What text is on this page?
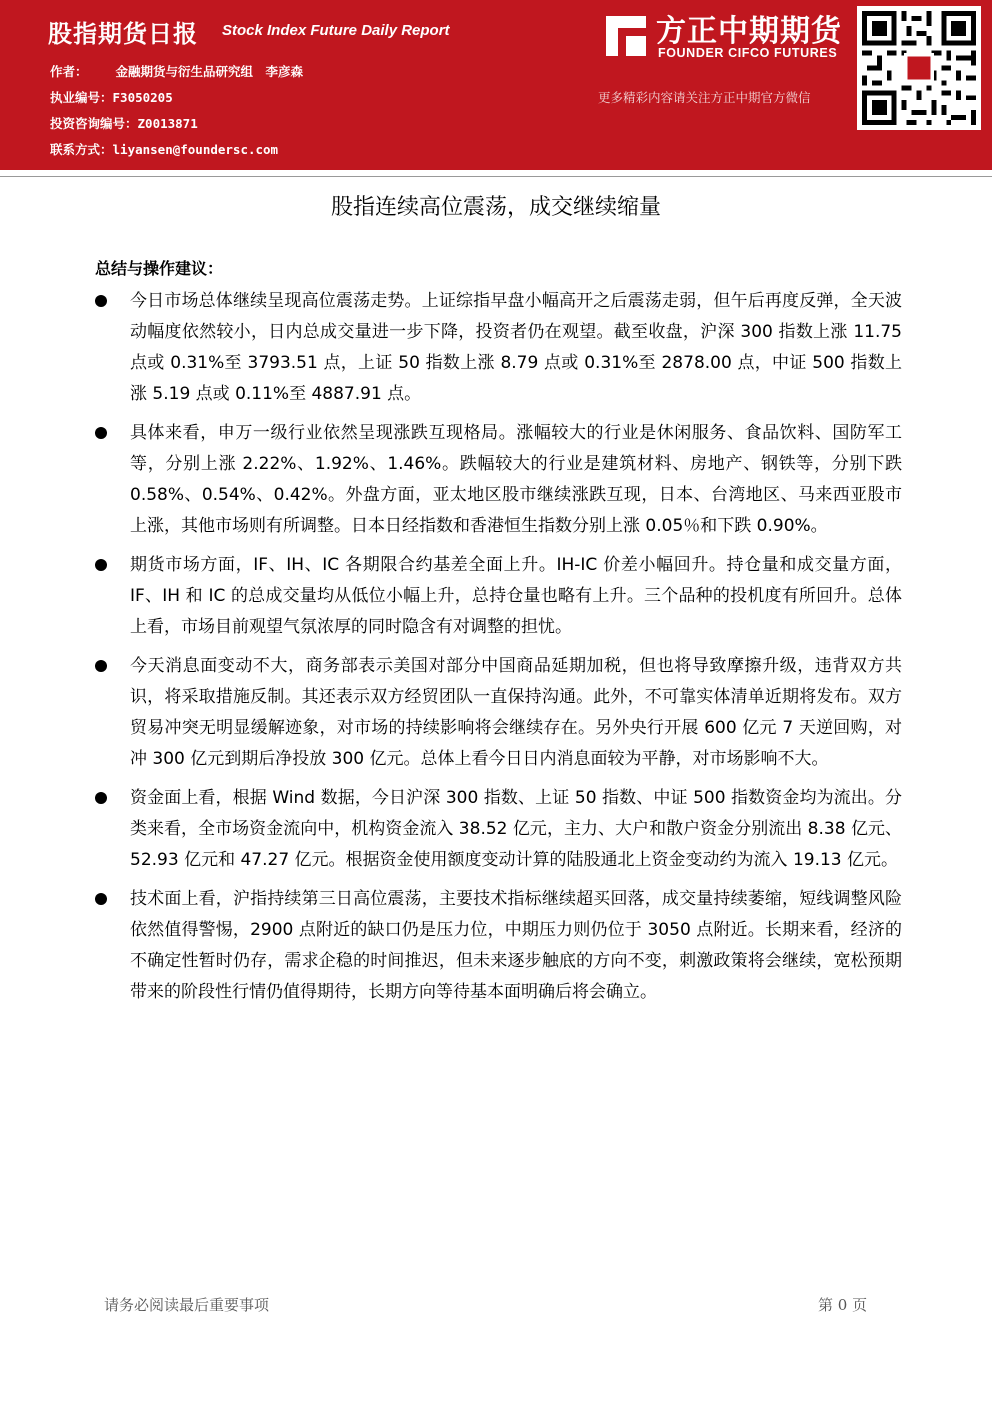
股指期货日报 Stock Index Future Daily Report
作者： 金融期货与衍生品研究组　李彦森
执业编号：F3050205
投资咨询编号：Z0013871
联系方式：liyansen@foundersc.com
方正中期期货
FOUNDER CIFCO FUTURES
更多精彩内容请关注方正中期官方微信
股指连续高位震荡，成交继续缩量
总结与操作建议：
今日市场总体继续呈现高位震荡走势。上证综指早盘小幅高开之后震荡走弱，但午后再度反弹，全天波动幅度依然较小，日内总成交量进一步下降，投资者仍在观望。截至收盘，沪深 300 指数上涨 11.75 点或 0.31%至 3793.51 点，上证 50 指数上涨 8.79 点或 0.31%至 2878.00 点，中证 500 指数上涨 5.19 点或 0.11%至 4887.91 点。
具体来看，申万一级行业依然呈现涨跌互现格局。涨幅较大的行业是休闲服务、食品饮料、国防军工等，分别上涨 2.22%、1.92%、1.46%。跌幅较大的行业是建筑材料、房地产、钢铁等，分别下跌 0.58%、0.54%、0.42%。外盘方面，亚太地区股市继续涨跌互现，日本、台湾地区、马来西亚股市上涨，其他市场则有所调整。日本日经指数和香港恒生指数分别上涨 0.05％和下跌 0.90%。
期货市场方面，IF、IH、IC 各期限合约基差全面上升。IH-IC 价差小幅回升。持仓量和成交量方面，IF、IH 和 IC 的总成交量均从低位小幅上升，总持仓量也略有上升。三个品种的投机度有所回升。总体上看，市场目前观望气氛浓厚的同时隐含有对调整的担忧。
今天消息面变动不大，商务部表示美国对部分中国商品延期加税，但也将导致摩擦升级，违背双方共识，将采取措施反制。其还表示双方经贸团队一直保持沟通。此外，不可靠实体清单近期将发布。双方贸易冲突无明显缓解迹象，对市场的持续影响将会继续存在。另外央行开展 600 亿元 7 天逆回购，对冲 300 亿元到期后净投放 300 亿元。总体上看今日日内消息面较为平静，对市场影响不大。
资金面上看，根据 Wind 数据，今日沪深 300 指数、上证 50 指数、中证 500 指数资金均为流出。分类来看，全市场资金流向中，机构资金流入 38.52 亿元，主力、大户和散户资金分别流出 8.38 亿元、52.93 亿元和 47.27 亿元。根据资金使用额度变动计算的陆股通北上资金变动约为流入 19.13 亿元。
技术面上看，沪指持续第三日高位震荡，主要技术指标继续超买回落，成交量持续萎缩，短线调整风险依然值得警惕，2900 点附近的缺口仍是压力位，中期压力则仍位于 3050 点附近。长期来看，经济的不确定性暂时仍存，需求企稳的时间推迟，但未来逐步触底的方向不变，刺激政策将会继续，宽松预期带来的阶段性行情仍值得期待，长期方向等待基本面明确后将会确立。
请务必阅读最后重要事项	第 0 页
